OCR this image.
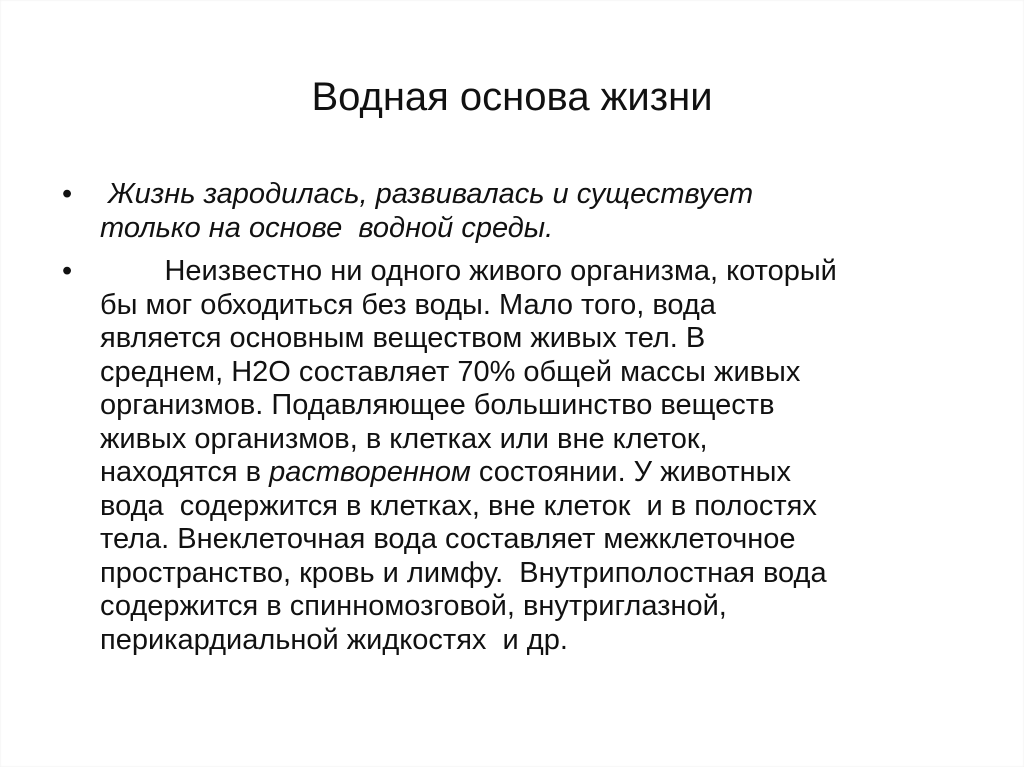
Водная основа жизни
• Жизнь зародилась, развивалась и существует
только на основе  водной среды.
• Неизвестно ни одного живого организма, который
бы мог обходиться без воды. Мало того, вода
является основным веществом живых тел. В
среднем, Н2О составляет 70% общей массы живых
организмов. Подавляющее большинство веществ
живых организмов, в клетках или вне клеток,
находятся в растворенном состоянии. У животных
вода  содержится в клетках, вне клеток  и в полостях
тела. Внеклеточная вода составляет межклеточное
пространство, кровь и лимфу.  Внутриполостная вода
содержится в спинномозговой, внутриглазной,
перикардиальной жидкостях  и др.
